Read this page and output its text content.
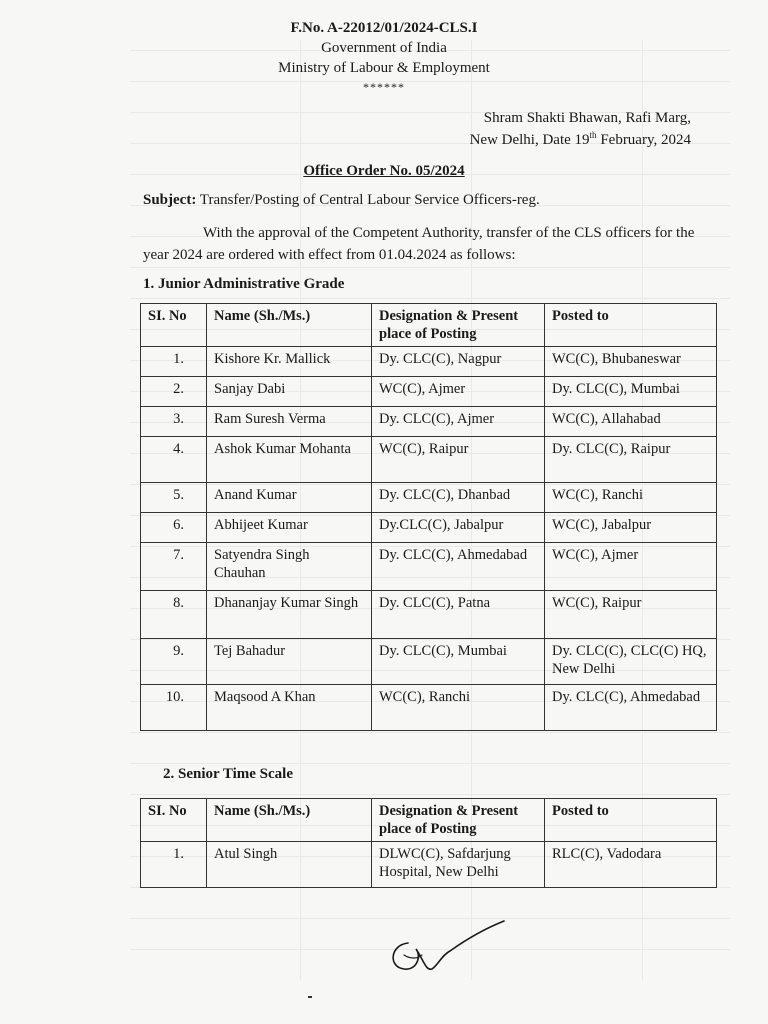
F.No. A-22012/01/2024-CLS.I
Government of India
Ministry of Labour & Employment
******
Shram Shakti Bhawan, Rafi Marg,
New Delhi, Date 19th February, 2024
Office Order No. 05/2024
Subject: Transfer/Posting of Central Labour Service Officers-reg.
With the approval of the Competent Authority, transfer of the CLS officers for the year 2024 are ordered with effect from 01.04.2024 as follows:
1. Junior Administrative Grade
SI. No	Name (Sh./Ms.)	Designation & Present place of Posting	Posted to
1.	Kishore Kr. Mallick	Dy. CLC(C), Nagpur	WC(C), Bhubaneswar
2.	Sanjay Dabi	WC(C), Ajmer	Dy. CLC(C), Mumbai
3.	Ram Suresh Verma	Dy. CLC(C), Ajmer	WC(C), Allahabad
4.	Ashok Kumar Mohanta	WC(C), Raipur	Dy. CLC(C), Raipur
5.	Anand Kumar	Dy. CLC(C), Dhanbad	WC(C), Ranchi
6.	Abhijeet Kumar	Dy.CLC(C), Jabalpur	WC(C), Jabalpur
7.	Satyendra Singh Chauhan	Dy. CLC(C), Ahmedabad	WC(C), Ajmer
8.	Dhananjay Kumar Singh	Dy. CLC(C), Patna	WC(C), Raipur
9.	Tej Bahadur	Dy. CLC(C), Mumbai	Dy. CLC(C), CLC(C) HQ, New Delhi
10.	Maqsood A Khan	WC(C), Ranchi	Dy. CLC(C), Ahmedabad
2. Senior Time Scale
SI. No	Name (Sh./Ms.)	Designation & Present place of Posting	Posted to
1.	Atul Singh	DLWC(C), Safdarjung Hospital, New Delhi	RLC(C), Vadodara
